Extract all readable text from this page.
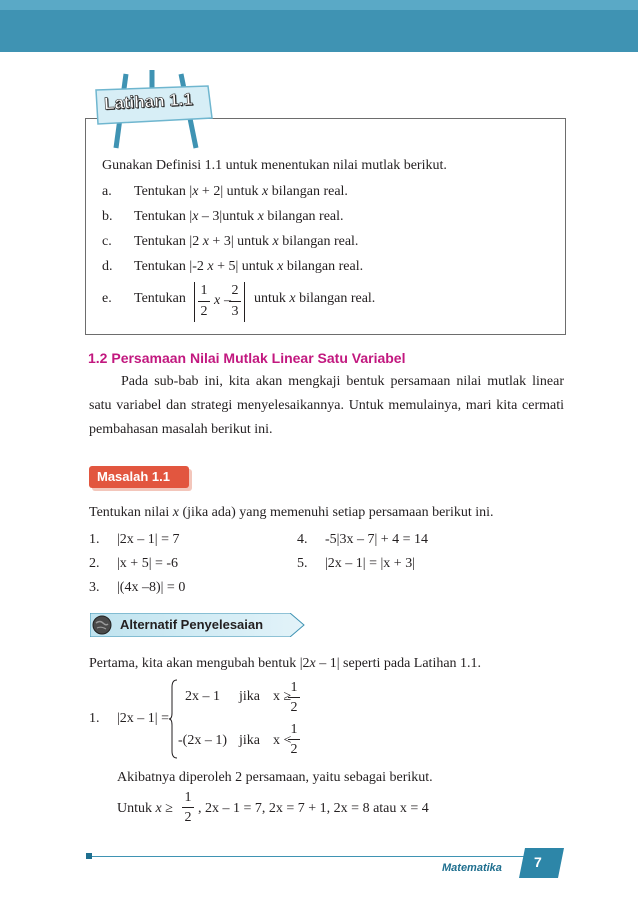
Latihan 1.1
Gunakan Definisi 1.1 untuk menentukan nilai mutlak berikut.
a. Tentukan |x + 2| untuk x bilangan real.
b. Tentukan |x – 3|untuk x bilangan real.
c. Tentukan |2 x + 3| untuk x bilangan real.
d. Tentukan |-2 x + 5| untuk x bilangan real.
e. Tentukan
1
2
x –
2
3
untuk x bilangan real.
1.2 Persamaan Nilai Mutlak Linear Satu Variabel
Pada sub-bab ini, kita akan mengkaji bentuk persamaan nilai mutlak linear satu variabel dan strategi menyelesaikannya. Untuk memulainya, mari kita cermati pembahasan masalah berikut ini.
Masalah 1.1
Tentukan nilai x (jika ada) yang memenuhi setiap persamaan berikut ini.
1. |2x – 1| = 7
2. |x + 5| = -6
3. |(4x –8)| = 0
4. -5|3x – 7| + 4 = 14
5. |2x – 1| = |x + 3|
Alternatif Penyelesaian
Pertama, kita akan mengubah bentuk |2x – 1| seperti pada Latihan 1.1.
1. |2x – 1| =
2x – 1 jika x ≥
1
2
-(2x – 1) jika x <
1
2
Akibatnya diperoleh 2 persamaan, yaitu sebagai berikut.
Untuk x ≥
1
2
, 2x – 1 = 7, 2x = 7 + 1, 2x = 8 atau x = 4
Matematika 7
